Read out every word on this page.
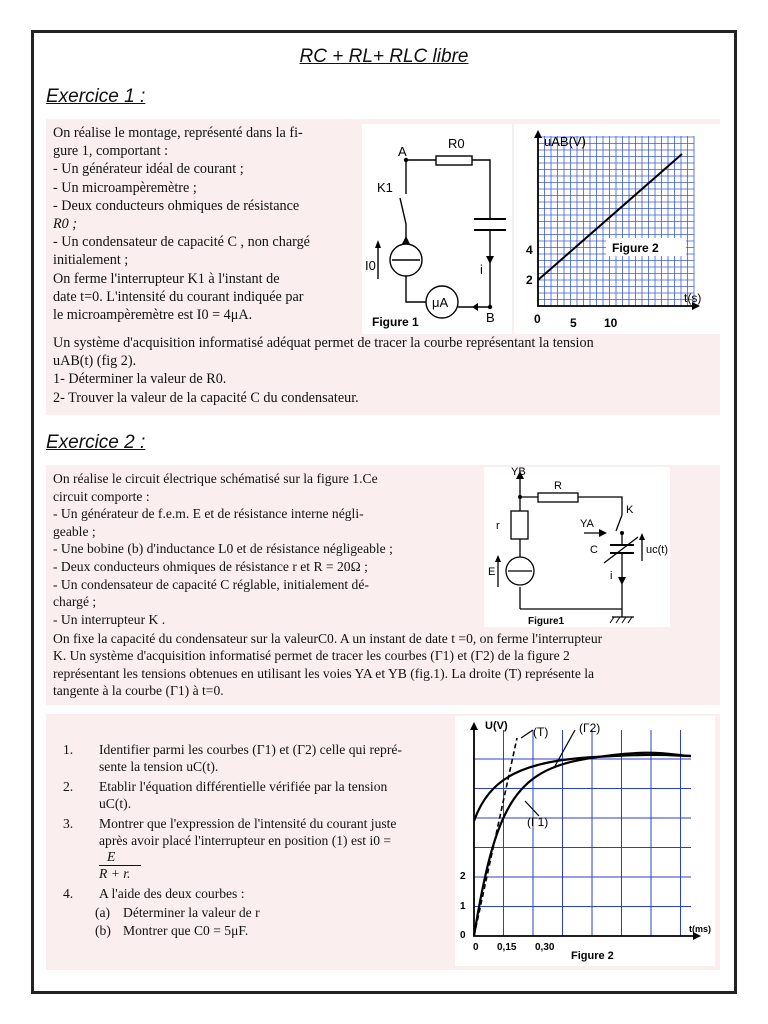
RC + RL+ RLC libre
Exercice 1 :
On réalise le montage, représenté dans la fi-
gure 1, comportant :
- Un générateur idéal de courant ;
- Un microampèremètre ;
- Deux conducteurs ohmiques de résistance
R0 ;
- Un condensateur de capacité C , non chargé
initialement ;
On ferme l'interrupteur K1 à l'instant de
date t=0. L'intensité du courant indiquée par
le microampèremètre est I0 = 4μA.
A
R0
K1
I0	i
μA
B
Figure 1
Figure 2
uAB(V)
t(s)
4
2
0 5 10
Un système d'acquisition informatisé adéquat permet de tracer la courbe représentant la tension
uAB(t) (fig 2).
1- Déterminer la valeur de R0.
2- Trouver la valeur de la capacité C du condensateur.
Exercice 2 :
On réalise le circuit électrique schématisé sur la figure 1.Ce
circuit comporte :
- Un générateur de f.e.m. E et de résistance interne négli-
geable ;
- Une bobine (b) d'inductance L0 et de résistance négligeable ;
- Deux conducteurs ohmiques de résistance r et R = 20Ω ;
- Un condensateur de capacité C réglable, initialement dé-
chargé ;
- Un interrupteur K .
YB
R
r
K
YA
C	uc(t)
E	i
Figure1
On fixe la capacité du condensateur sur la valeurC0. A un instant de date t =0, on ferme l'interrupteur
K. Un système d'acquisition informatisé permet de tracer les courbes (Γ1) et (Γ2) de la figure 2
représentant les tensions obtenues en utilisant les voies YA et YB (fig.1). La droite (T) représente la
tangente à la courbe (Γ1) à t=0.
1. Identifier parmi les courbes (Γ1) et (Γ2) celle qui repré-
sente la tension uC(t).
2. Etablir l'équation différentielle vérifiée par la tension
uC(t).
3. Montrer que l'expression de l'intensité du courant juste
après avoir placé l'interrupteur en position (1) est i0 =
E
R + r.
4. A l'aide des deux courbes :
(a) Déterminer la valeur de r
(b) Montrer que C0 = 5μF.
U(V) (T)	(Γ2)
(Γ1)
2
1
0
0 0,15 0,30
t(ms)
Figure 2
